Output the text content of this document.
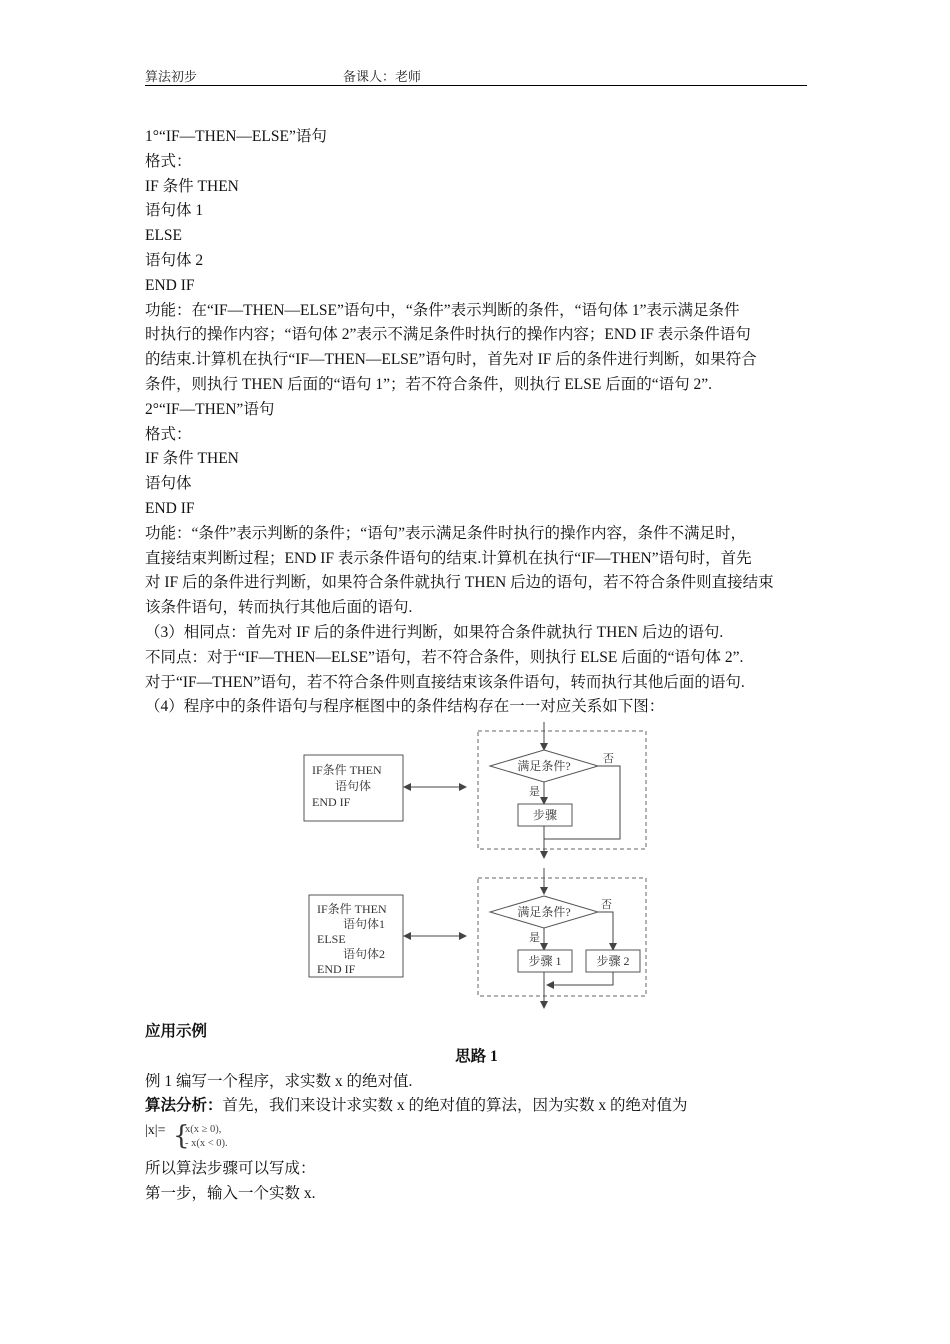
算法初步	备课人：老师
1°“IF—THEN—ELSE”语句
格式：
IF 条件 THEN
语句体 1
ELSE
语句体 2
END IF
功能：在“IF—THEN—ELSE”语句中，“条件”表示判断的条件，“语句体 1”表示满足条件
时执行的操作内容；“语句体 2”表示不满足条件时执行的操作内容；END IF 表示条件语句
的结束.计算机在执行“IF—THEN—ELSE”语句时，首先对 IF 后的条件进行判断，如果符合
条件，则执行 THEN 后面的“语句 1”；若不符合条件，则执行 ELSE 后面的“语句 2”.
2°“IF—THEN”语句
格式：
IF 条件 THEN
语句体
END IF
功能：“条件”表示判断的条件；“语句”表示满足条件时执行的操作内容，条件不满足时，
直接结束判断过程；END IF 表示条件语句的结束.计算机在执行“IF—THEN”语句时，首先
对 IF 后的条件进行判断，如果符合条件就执行 THEN 后边的语句，若不符合条件则直接结束
该条件语句，转而执行其他后面的语句.
（3）相同点：首先对 IF 后的条件进行判断，如果符合条件就执行 THEN 后边的语句.
不同点：对于“IF—THEN—ELSE”语句，若不符合条件，则执行 ELSE 后面的“语句体 2”.
对于“IF—THEN”语句，若不符合条件则直接结束该条件语句，转而执行其他后面的语句.
（4）程序中的条件语句与程序框图中的条件结构存在一一对应关系如下图：
IF条件 THEN
语句体
END IF
满足条件?	否
是
步骤
IF条件 THEN
语句体1
ELSE
语句体2
END IF
满足条件?	否
是
步骤 1	步骤 2
应用示例
思路 1
例 1 编写一个程序，求实数 x 的绝对值.
算法分析：首先，我们来设计求实数 x 的绝对值的算法，因为实数 x 的绝对值为
|x|= {
x(x ≥ 0),
- x(x < 0).
所以算法步骤可以写成：
第一步，输入一个实数 x.
